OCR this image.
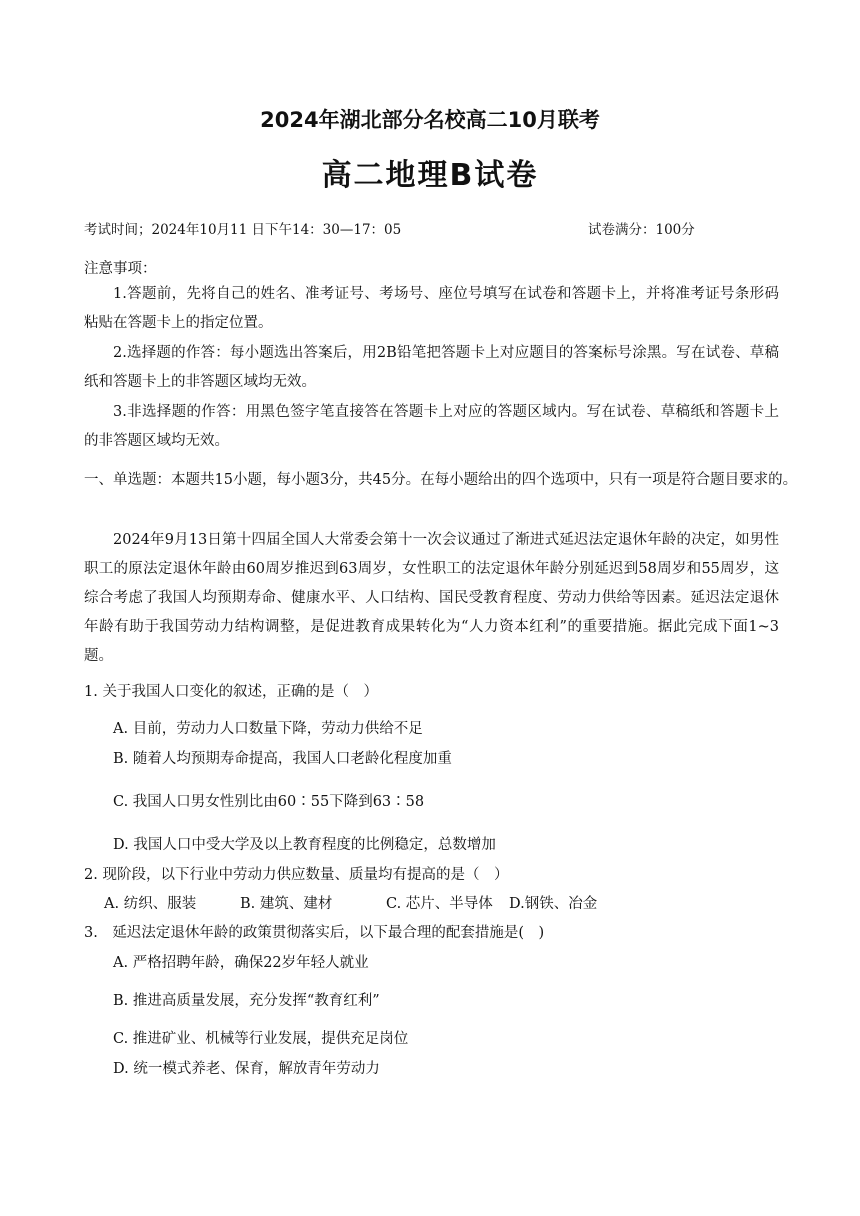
2024年湖北部分名校高二10月联考
高二地理B试卷
考试时间；2024年10月11 日下午14：30—17：05	试卷满分：100分
注意事项：
1.答题前，先将自己的姓名、准考证号、考场号、座位号填写在试卷和答题卡上，并将准考证号条形码粘贴在答题卡上的指定位置。
2.选择题的作答：每小题选出答案后，用2B铅笔把答题卡上对应题目的答案标号涂黑。写在试卷、草稿纸和答题卡上的非答题区域均无效。
3.非选择题的作答：用黑色签字笔直接答在答题卡上对应的答题区域内。写在试卷、草稿纸和答题卡上的非答题区域均无效。
一、单选题：本题共15小题，每小题3分，共45分。在每小题给出的四个选项中，只有一项是符合题目要求的。
2024年9月13日第十四届全国人大常委会第十一次会议通过了渐进式延迟法定退休年龄的决定，如男性职工的原法定退休年龄由60周岁推迟到63周岁，女性职工的法定退休年龄分别延迟到58周岁和55周岁，这综合考虑了我国人均预期寿命、健康水平、人口结构、国民受教育程度、劳动力供给等因素。延迟法定退休年龄有助于我国劳动力结构调整，是促进教育成果转化为“人力资本红利”的重要措施。据此完成下面1~3题。
1. 关于我国人口变化的叙述，正确的是（　）
A. 目前，劳动力人口数量下降，劳动力供给不足
B. 随着人均预期寿命提高，我国人口老龄化程度加重
C. 我国人口男女性别比由60∶55下降到63∶58
D. 我国人口中受大学及以上教育程度的比例稳定，总数增加
2. 现阶段，以下行业中劳动力供应数量、质量均有提高的是（　）
A. 纺织、服装	B. 建筑、建材	C. 芯片、半导体 D.钢铁、冶金
3.　延迟法定退休年龄的政策贯彻落实后，以下最合理的配套措施是(　)
A. 严格招聘年龄，确保22岁年轻人就业
B. 推进高质量发展，充分发挥“教育红利”
C. 推进矿业、机械等行业发展，提供充足岗位
D. 统一模式养老、保育，解放青年劳动力
